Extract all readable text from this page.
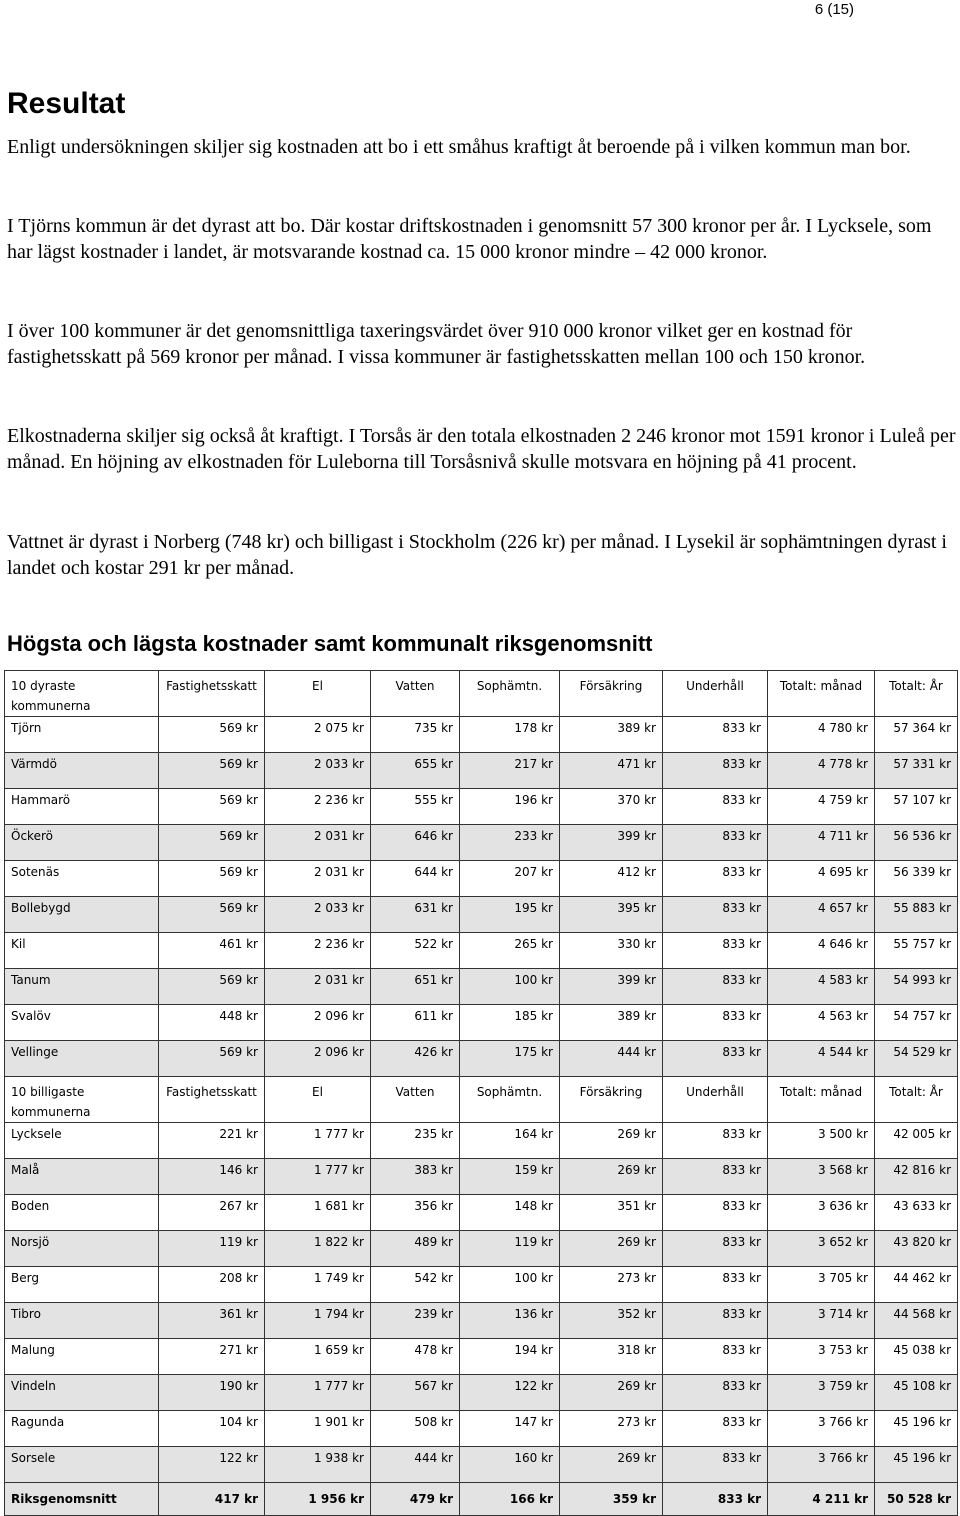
6 (15)
Resultat

Enligt undersökningen skiljer sig kostnaden att bo i ett småhus kraftigt åt beroende på i vilken kommun man bor.

I Tjörns kommun är det dyrast att bo. Där kostar driftskostnaden i genomsnitt 57 300 kronor per år. I Lycksele, som har lägst kostnader i landet, är motsvarande kostnad ca. 15 000 kronor mindre – 42 000 kronor.

I över 100 kommuner är det genomsnittliga taxeringsvärdet över 910 000 kronor vilket ger en kostnad för fastighetsskatt på 569 kronor per månad. I vissa kommuner är fastighetsskatten mellan 100 och 150 kronor.

Elkostnaderna skiljer sig också åt kraftigt. I Torsås är den totala elkostnaden 2 246 kronor mot 1591 kronor i Luleå per månad. En höjning av elkostnaden för Luleborna till Torsåsnivå skulle motsvara en höjning på 41 procent.

Vattnet är dyrast i Norberg (748 kr) och billigast i Stockholm (226 kr) per månad. I Lysekil är sophämtningen dyrast i landet och kostar 291 kr per månad.

Högsta och lägsta kostnader samt kommunalt riksgenomsnitt
10 dyraste kommunerna	Fastighetsskatt	El	Vatten	Sophämtn.	Försäkring	Underhåll	Totalt: månad	Totalt: År
Tjörn	569 kr	2 075 kr	735 kr	178 kr	389 kr	833 kr	4 780 kr	57 364 kr
Värmdö	569 kr	2 033 kr	655 kr	217 kr	471 kr	833 kr	4 778 kr	57 331 kr
Hammarö	569 kr	2 236 kr	555 kr	196 kr	370 kr	833 kr	4 759 kr	57 107 kr
Öckerö	569 kr	2 031 kr	646 kr	233 kr	399 kr	833 kr	4 711 kr	56 536 kr
Sotenäs	569 kr	2 031 kr	644 kr	207 kr	412 kr	833 kr	4 695 kr	56 339 kr
Bollebygd	569 kr	2 033 kr	631 kr	195 kr	395 kr	833 kr	4 657 kr	55 883 kr
Kil	461 kr	2 236 kr	522 kr	265 kr	330 kr	833 kr	4 646 kr	55 757 kr
Tanum	569 kr	2 031 kr	651 kr	100 kr	399 kr	833 kr	4 583 kr	54 993 kr
Svalöv	448 kr	2 096 kr	611 kr	185 kr	389 kr	833 kr	4 563 kr	54 757 kr
Vellinge	569 kr	2 096 kr	426 kr	175 kr	444 kr	833 kr	4 544 kr	54 529 kr
10 billigaste kommunerna	Fastighetsskatt	El	Vatten	Sophämtn.	Försäkring	Underhåll	Totalt: månad	Totalt: År
Lycksele	221 kr	1 777 kr	235 kr	164 kr	269 kr	833 kr	3 500 kr	42 005 kr
Malå	146 kr	1 777 kr	383 kr	159 kr	269 kr	833 kr	3 568 kr	42 816 kr
Boden	267 kr	1 681 kr	356 kr	148 kr	351 kr	833 kr	3 636 kr	43 633 kr
Norsjö	119 kr	1 822 kr	489 kr	119 kr	269 kr	833 kr	3 652 kr	43 820 kr
Berg	208 kr	1 749 kr	542 kr	100 kr	273 kr	833 kr	3 705 kr	44 462 kr
Tibro	361 kr	1 794 kr	239 kr	136 kr	352 kr	833 kr	3 714 kr	44 568 kr
Malung	271 kr	1 659 kr	478 kr	194 kr	318 kr	833 kr	3 753 kr	45 038 kr
Vindeln	190 kr	1 777 kr	567 kr	122 kr	269 kr	833 kr	3 759 kr	45 108 kr
Ragunda	104 kr	1 901 kr	508 kr	147 kr	273 kr	833 kr	3 766 kr	45 196 kr
Sorsele	122 kr	1 938 kr	444 kr	160 kr	269 kr	833 kr	3 766 kr	45 196 kr
Riksgenomsnitt	417 kr	1 956 kr	479 kr	166 kr	359 kr	833 kr	4 211 kr	50 528 kr
